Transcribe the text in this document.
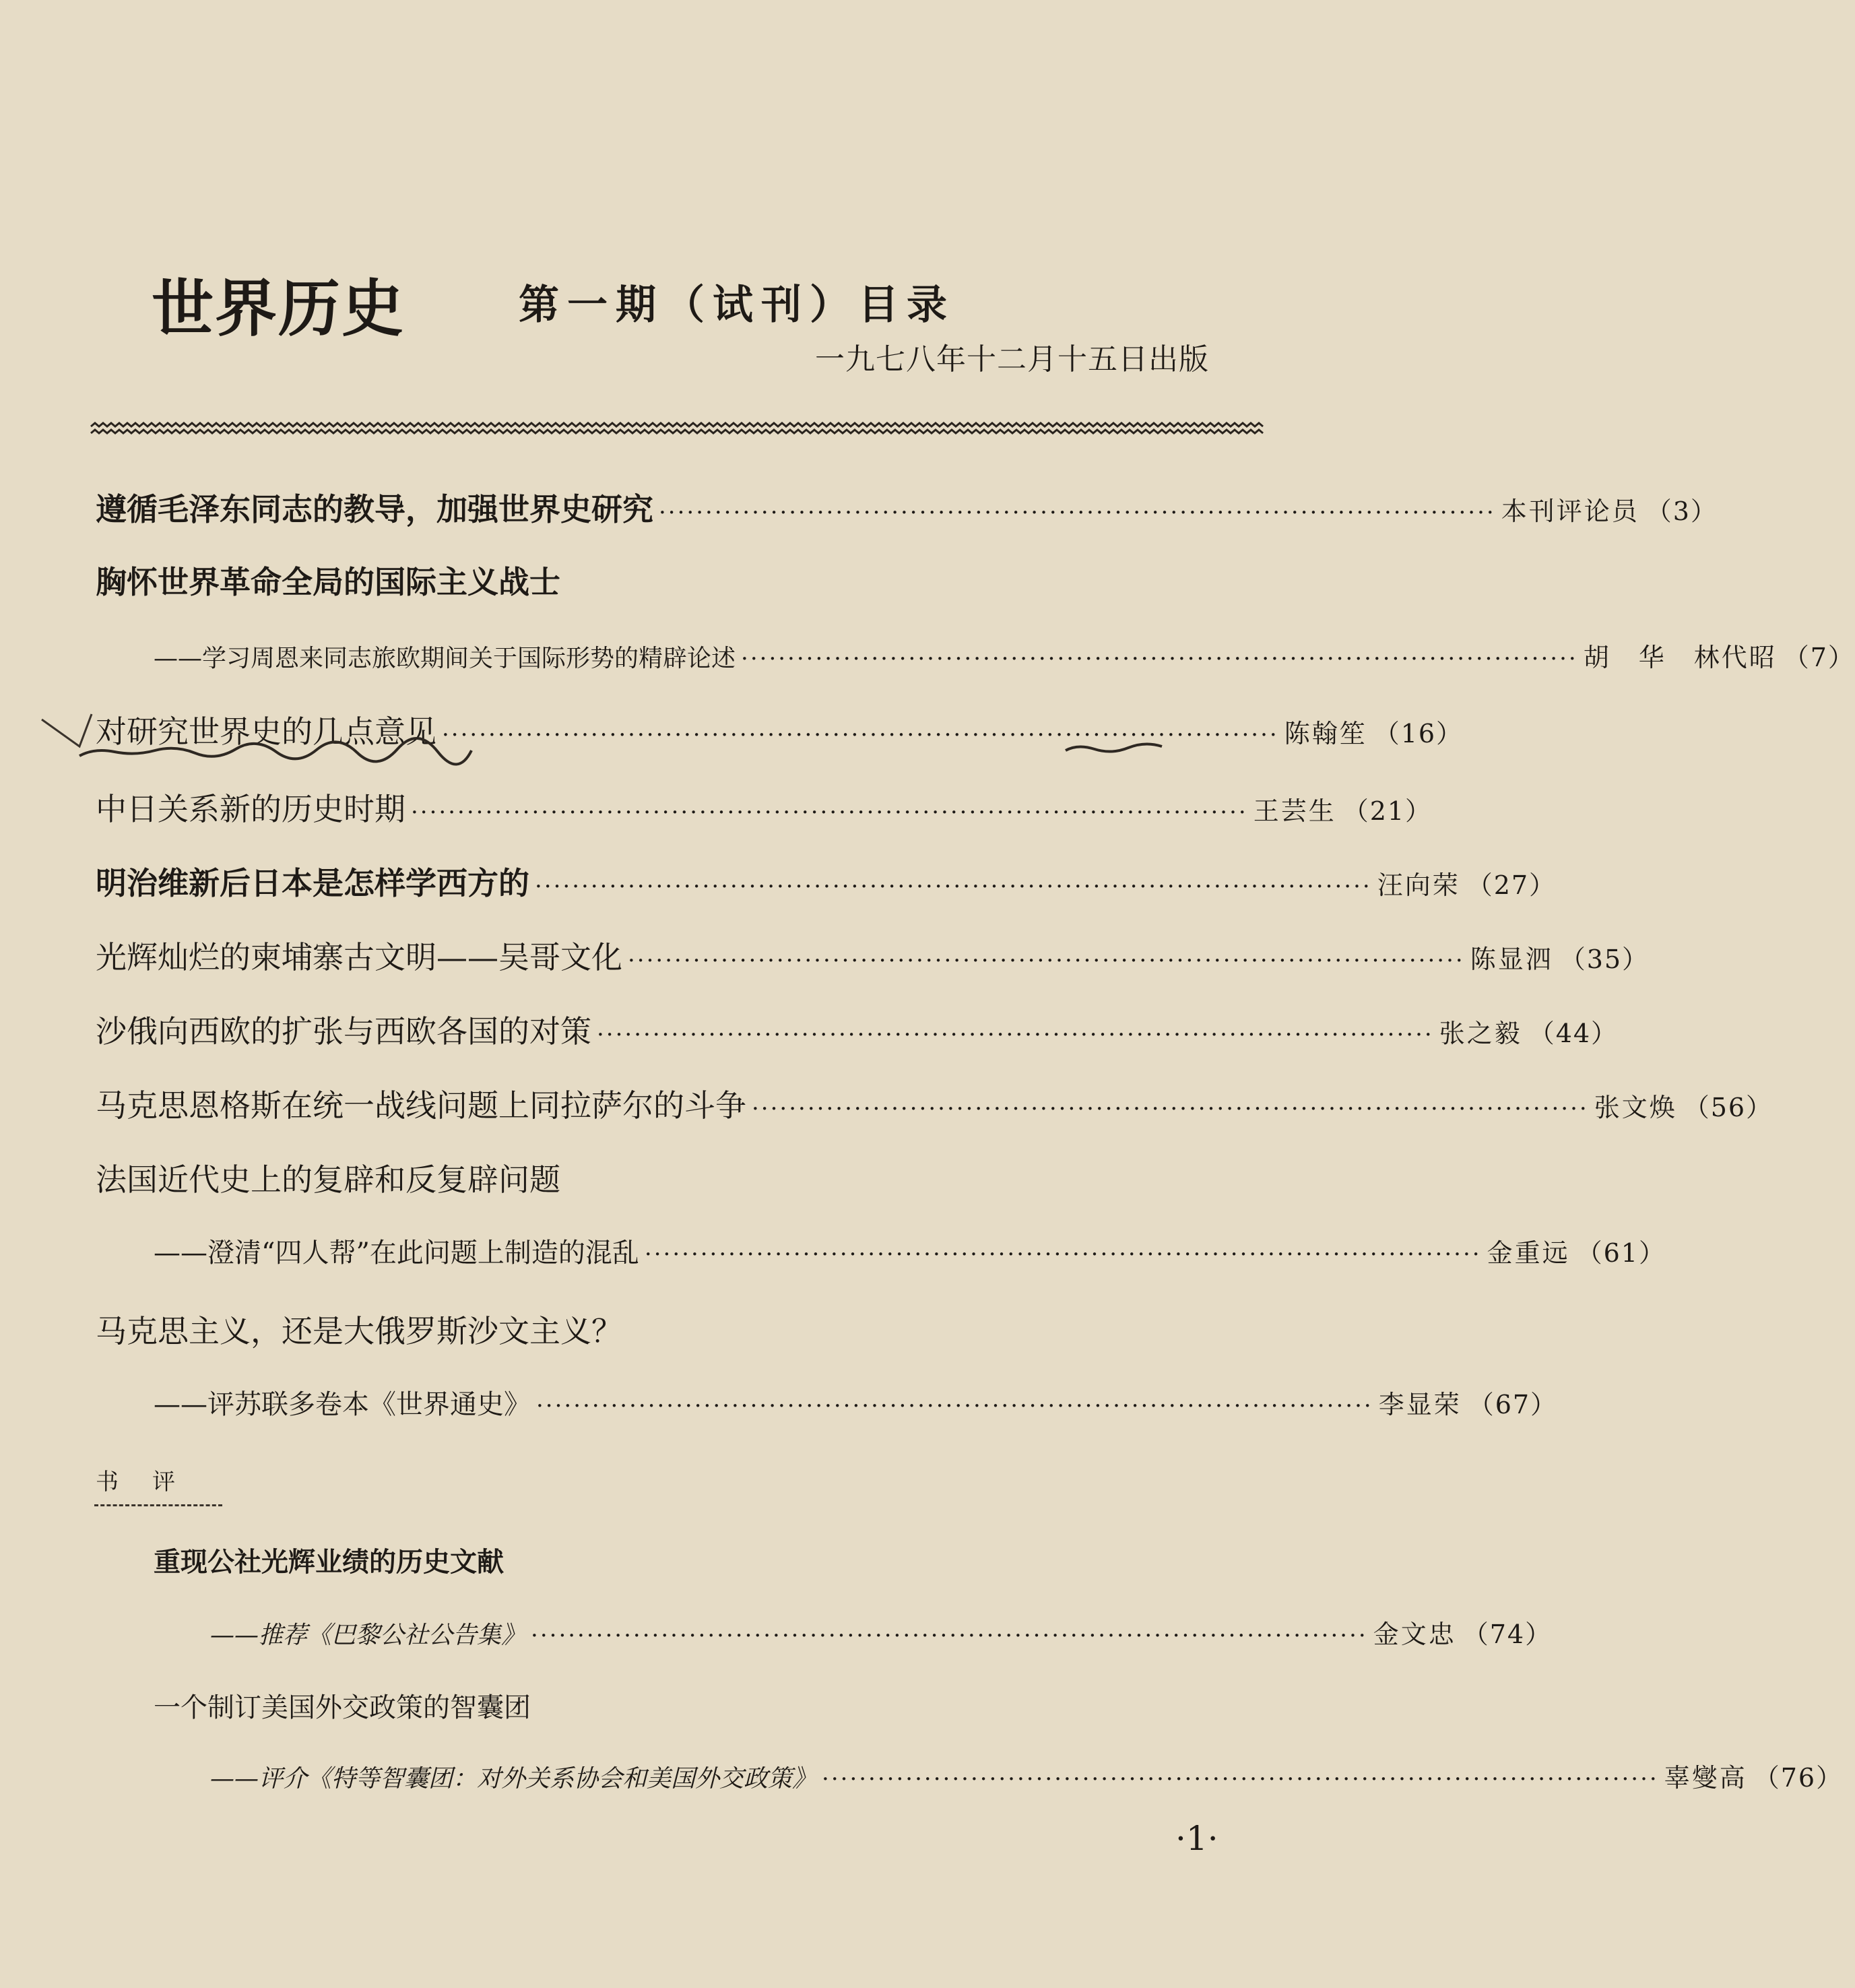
世界历史	第一期（试刊）目录
一九七八年十二月十五日出版
遵循毛泽东同志的教导，加强世界史研究 ·························································································· 本刊评论员 （3）
胸怀世界革命全局的国际主义战士
——学习周恩来同志旅欧期间关于国际形势的精辟论述 ·························································································· 胡　华　林代昭 （7）
对研究世界史的几点意见 ·························································································· 陈翰笙 （16）
中日关系新的历史时期 ·························································································· 王芸生 （21）
明治维新后日本是怎样学西方的 ·························································································· 汪向荣 （27）
光辉灿烂的柬埔寨古文明——吴哥文化 ·························································································· 陈显泗 （35）
沙俄向西欧的扩张与西欧各国的对策 ·························································································· 张之毅 （44）
马克思恩格斯在统一战线问题上同拉萨尔的斗争 ·························································································· 张文焕 （56）
法国近代史上的复辟和反复辟问题
——澄清“四人帮”在此问题上制造的混乱 ·························································································· 金重远 （61）
马克思主义，还是大俄罗斯沙文主义？
——评苏联多卷本《世界通史》 ·························································································· 李显荣 （67）
书评
重现公社光辉业绩的历史文献
——推荐《巴黎公社公告集》 ·························································································· 金文忠 （74）
一个制订美国外交政策的智囊团
——评介《特等智囊团：对外关系协会和美国外交政策》 ·························································································· 辜燮高 （76）
·1·
